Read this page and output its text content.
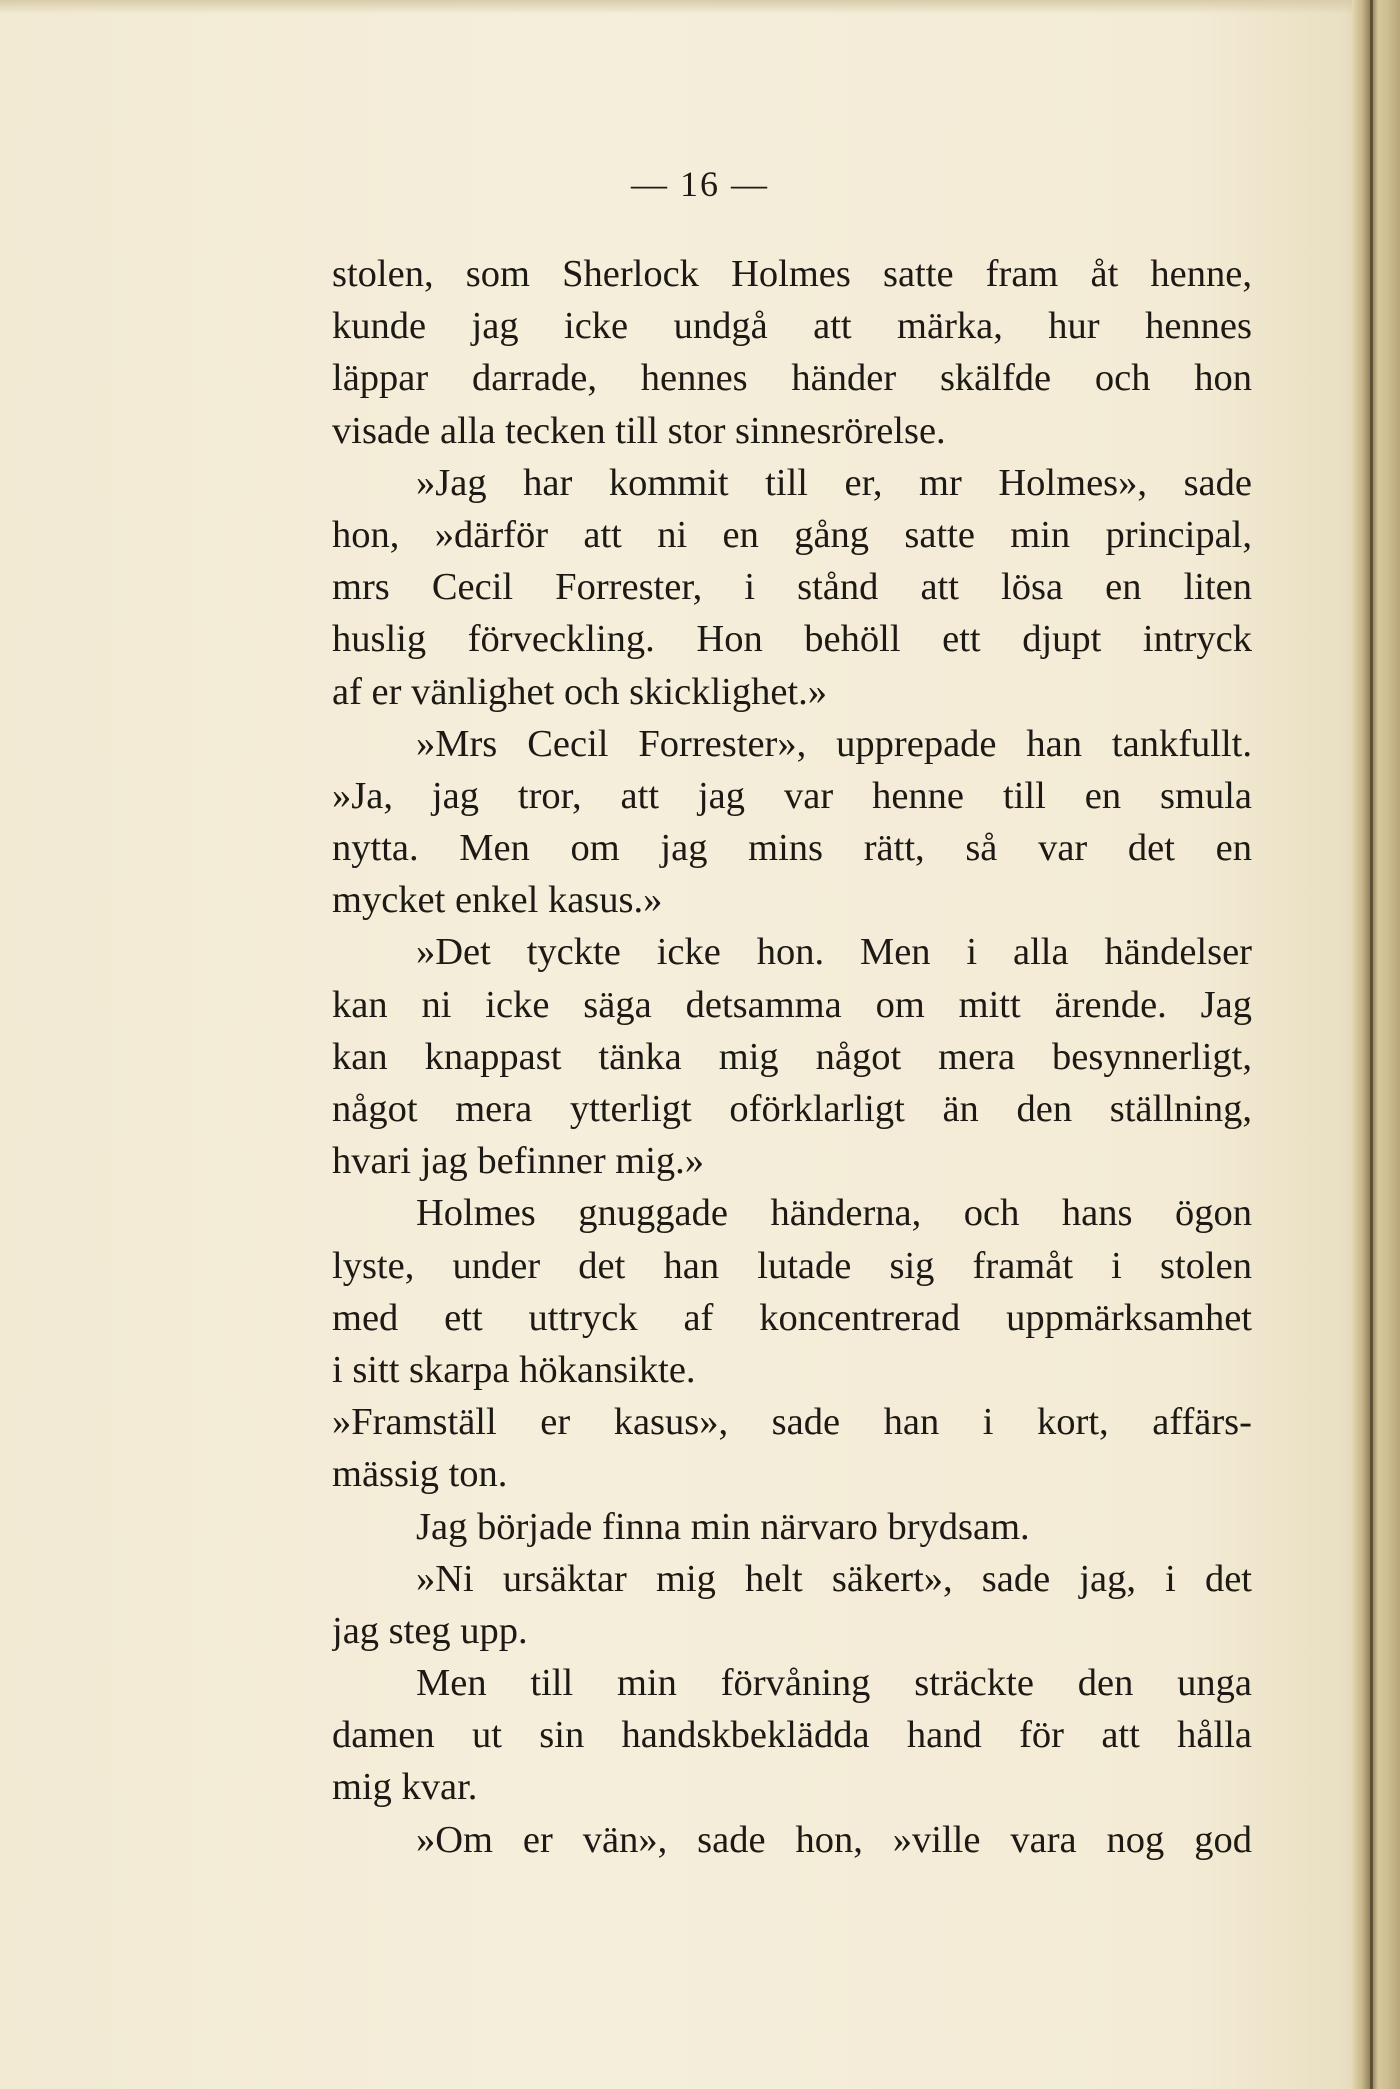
— 16 —
stolen, som Sherlock Holmes satte fram åt henne,
kunde jag icke undgå att märka, hur hennes
läppar darrade, hennes händer skälfde och hon
visade alla tecken till stor sinnesrörelse.
»Jag har kommit till er, mr Holmes», sade
hon, »därför att ni en gång satte min principal,
mrs Cecil Forrester, i stånd att lösa en liten
huslig förveckling. Hon behöll ett djupt intryck
af er vänlighet och skicklighet.»
»Mrs Cecil Forrester», upprepade han tankfullt.
»Ja, jag tror, att jag var henne till en smula
nytta. Men om jag mins rätt, så var det en
mycket enkel kasus.»
»Det tyckte icke hon. Men i alla händelser
kan ni icke säga detsamma om mitt ärende. Jag
kan knappast tänka mig något mera besynnerligt,
något mera ytterligt oförklarligt än den ställning,
hvari jag befinner mig.»
Holmes gnuggade händerna, och hans ögon
lyste, under det han lutade sig framåt i stolen
med ett uttryck af koncentrerad uppmärksamhet
i sitt skarpa hökansikte.
»Framställ er kasus», sade han i kort, affärs-
mässig ton.
Jag började finna min närvaro brydsam.
»Ni ursäktar mig helt säkert», sade jag, i det
jag steg upp.
Men till min förvåning sträckte den unga
damen ut sin handskbeklädda hand för att hålla
mig kvar.
»Om er vän», sade hon, »ville vara nog god
